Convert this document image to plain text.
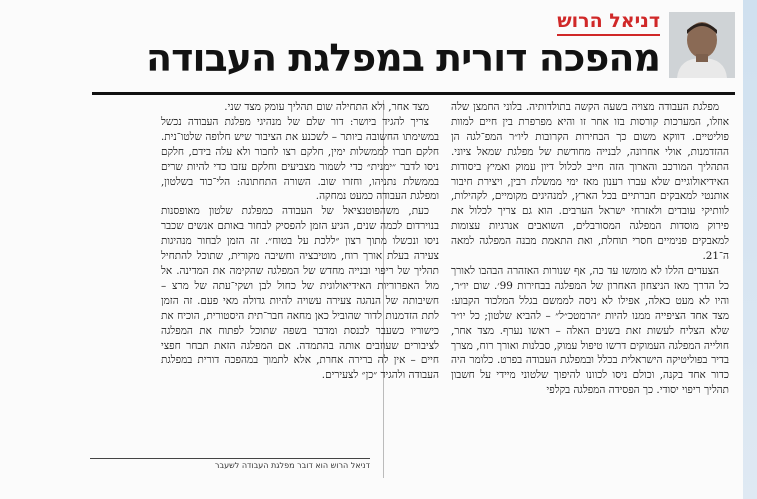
דניאל הרוש
מהפכה דורית במפלגת העבודה

מפלגת העבודה מצויה בשעה הקשה בתולדותיה. בלוני החמצן שלה אוזלו, המערכות קורסות בזו אחר זו והיא מפרפרת בין חיים למוות פוליטיים. דווקא משום כך הבחירות הקרובות ליו״ר המפ־לגה הן ההזדמנות, אולי אחרונה, לבנייה מחודשת של מפלגת שמאל ציוני. התהליך המורכב והארוך הזה חייב לכלול דיון עמוק ואמיץ ביסודות האידיאולוגיים שלא עברו רענון מאז ימי ממשלת רבין, ויצירת חיבור אותנטי למאבקים חברתיים בכל הארץ, למנהיגים מקומיים, לקהילות, לוותיקי עובדים ולאזרחי ישראל הערבים. הוא גם צריך לכלול את פירוק מוסדות המפלגה המסורבלים, השואבים אנרגיות עצומות למאבקים פנימיים חסרי תוחלת, ואת התאמת מבנה המפלגה למאה ה־21.

הצעדים הללו לא מומשו עד כה, אף שנורות האזהרה הבהבו לאורך כל הדרך מאז הניצחון האחרון של המפלגה בבחירות 99׳. שום יו״ר, והיו לא מעט כאלה, אפילו לא ניסה לממשם בגלל המלכוד הקבוע: מצד אחד הציפייה ממנו להיות ״הרמטכ״ל״ – להביא שלטון; כל יו״ר שלא הצליח לעשות זאת בשנים האלה – ראשו נערף. מצד אחר, חולייה המפלגה העמוקים דרשו טיפול עמוק, סבלנות ואורך רוח, מצרך בדיר בפוליטיקה הישראלית בכלל ובמפלגת העבודה בפרט. כלומר היה כדור אחד בקנה, וכולם ניסו לכוונו להיפוך שלטוני מיידי על חשבון תהליך ריפוי יסודי. כך הפסידה המפלגה בקלפי

מצד אחר, ולא התחילה שום תהליך עומק מצד שני.

צריך להגיד ביושר: דור שלם של מנהיגי מפלגת העבודה נכשל במשימתו החשובה ביותר – לשכנע את הציבור שיש חלופה שלטו־נית. חלקם חברו לממשלות ימין, חלקם רצו לחבור ולא עלה בידם, חלקם ניסו לדבר ״ימנית״ כדי לשמור מצביעים וחלקם עזבו כדי להיות שרים בממשלת נתניהו, וחזרו שוב. השורה התחתונה: הלי־כוד בשלטון, ומפלגת העבודה כמעט נמחקה.

כעת, משהפוטנציאל של העבודה כמפלגת שלטון מאופסנות בנוירדום לכמה שנים, הגיע הזמן להפסיק לבחור באותם אנשים שכבר ניסו ונכשלו מתוך רצון ״ללכת על בטוח״. זה הזמן לבחור מנהיגות צעירה בעלת אורך רוח, מוטיבציה וחשיבה מקורית, שתוכל להתחיל תהליך של ריפוי ובנייה מחדש של המפלגה שהקימה את המדינה. אל מול האפרוריות האידיאולוגית של כחול לבן ושקי־עתה של מרצ – חשיבותה של הנהגה צעירה עשויה להיות גדולה מאי פעם. זה הזמן לתת הזדמנות לדור שהוביל כאן מחאה חבר־תית היסטורית, הוכיח את כישוריו כשעבר לכנסת ומדבר בשפה שתוכל לפתוח את המפלגה לציבורים שעוזבים אותה בהתמדה. אם המפלגה הזאת תבחר חפצי חיים – אין לה ברירה אחרת, אלא לתמוך במהפכה דורית במפלגת העבודה ולהגיד ״כן״ לצעירים.

דניאל הרוש הוא דובר מפלגת העבודה לשעבר
